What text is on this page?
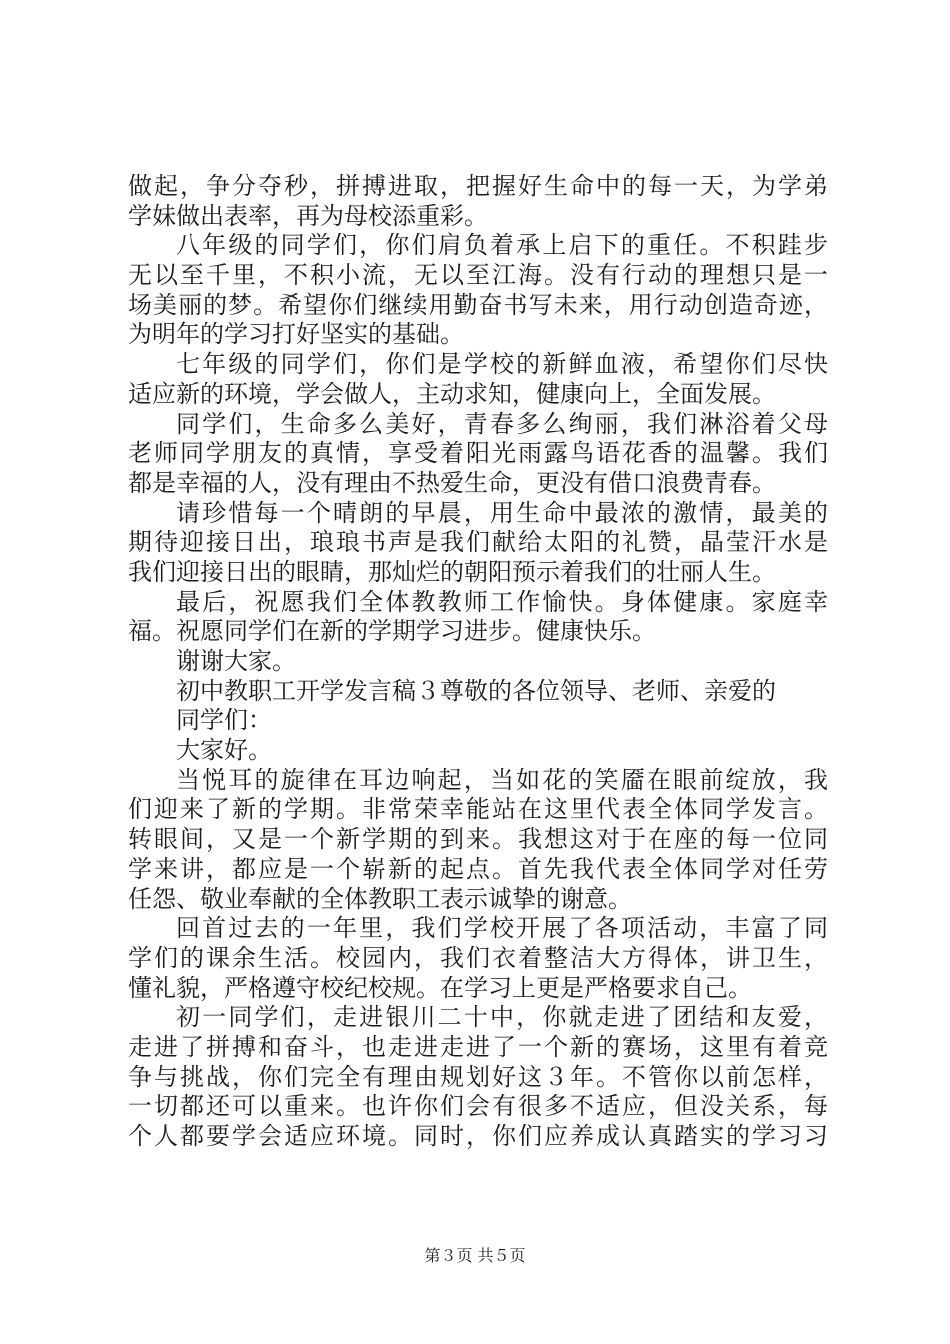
做起，争分夺秒，拼搏进取，把握好生命中的每一天，为学弟
学妹做出表率，再为母校添重彩。
八年级的同学们，你们肩负着承上启下的重任。不积跬步
无以至千里，不积小流，无以至江海。没有行动的理想只是一
场美丽的梦。希望你们继续用勤奋书写未来，用行动创造奇迹，
为明年的学习打好坚实的基础。
七年级的同学们，你们是学校的新鲜血液，希望你们尽快
适应新的环境，学会做人，主动求知，健康向上，全面发展。
同学们，生命多么美好，青春多么绚丽，我们淋浴着父母
老师同学朋友的真情，享受着阳光雨露鸟语花香的温馨。我们
都是幸福的人，没有理由不热爱生命，更没有借口浪费青春。
请珍惜每一个晴朗的早晨，用生命中最浓的激情，最美的
期待迎接日出，琅琅书声是我们献给太阳的礼赞，晶莹汗水是
我们迎接日出的眼睛，那灿烂的朝阳预示着我们的壮丽人生。
最后，祝愿我们全体教教师工作愉快。身体健康。家庭幸
福。祝愿同学们在新的学期学习进步。健康快乐。
谢谢大家。
初中教职工开学发言稿３尊敬的各位领导、老师、亲爱的
同学们：
大家好。
当悦耳的旋律在耳边响起，当如花的笑靥在眼前绽放，我
们迎来了新的学期。非常荣幸能站在这里代表全体同学发言。
转眼间，又是一个新学期的到来。我想这对于在座的每一位同
学来讲，都应是一个崭新的起点。首先我代表全体同学对任劳
任怨、敬业奉献的全体教职工表示诚挚的谢意。
回首过去的一年里，我们学校开展了各项活动，丰富了同
学们的课余生活。校园内，我们衣着整洁大方得体，讲卫生，
懂礼貌，严格遵守校纪校规。在学习上更是严格要求自己。
初一同学们，走进银川二十中，你就走进了团结和友爱，
走进了拼搏和奋斗，也走进走进了一个新的赛场，这里有着竞
争与挑战，你们完全有理由规划好这３年。不管你以前怎样，
一切都还可以重来。也许你们会有很多不适应，但没关系，每
个人都要学会适应环境。同时，你们应养成认真踏实的学习习
第３页 共５页
